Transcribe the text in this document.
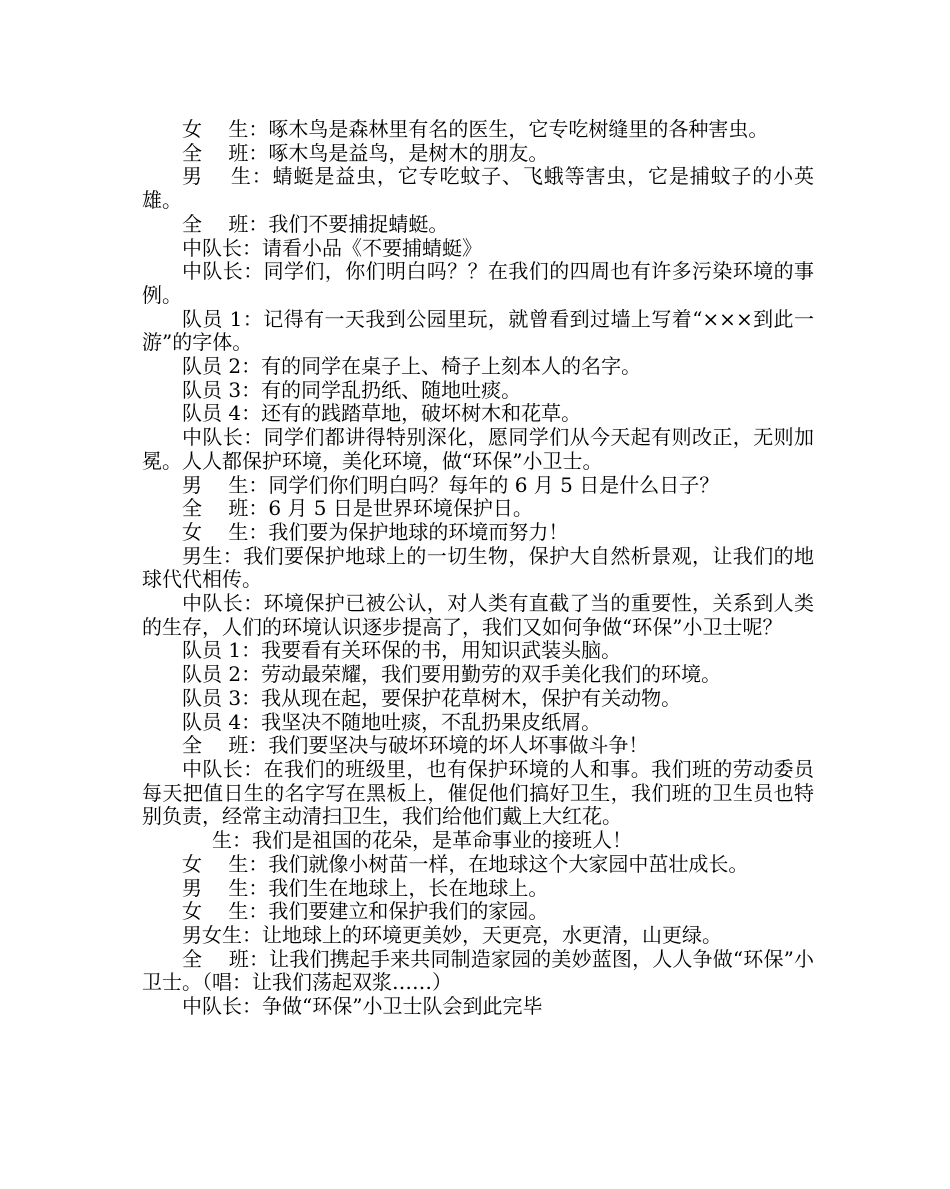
女　 生：啄木鸟是森林里有名的医生，它专吃树缝里的各种害虫。

全　 班：啄木鸟是益鸟，是树木的朋友。

男　 生：蜻蜓是益虫，它专吃蚊子、飞蛾等害虫，它是捕蚊子的小英雄。

全　 班：我们不要捕捉蜻蜓。

中队长：请看小品《不要捕蜻蜓》

中队长：同学们，你们明白吗？？在我们的四周也有许多污染环境的事例。

队员 1：记得有一天我到公园里玩，就曾看到过墙上写着“×××到此一游”的字体。

队员 2：有的同学在桌子上、椅子上刻本人的名字。

队员 3：有的同学乱扔纸、随地吐痰。

队员 4：还有的践踏草地，破坏树木和花草。

中队长：同学们都讲得特别深化，愿同学们从今天起有则改正，无则加冕。人人都保护环境，美化环境，做“环保”小卫士。

男　 生：同学们你们明白吗？每年的 6 月 5 日是什么日子？

全　 班：6 月 5 日是世界环境保护日。

女　 生：我们要为保护地球的环境而努力！

男生：我们要保护地球上的一切生物，保护大自然析景观，让我们的地球代代相传。

中队长：环境保护已被公认，对人类有直截了当的重要性，关系到人类的生存，人们的环境认识逐步提高了，我们又如何争做“环保”小卫士呢？

队员 1：我要看有关环保的书，用知识武装头脑。

队员 2：劳动最荣耀，我们要用勤劳的双手美化我们的环境。

队员 3：我从现在起，要保护花草树木，保护有关动物。

队员 4：我坚决不随地吐痰，不乱扔果皮纸屑。

全　 班：我们要坚决与破坏环境的坏人坏事做斗争！

中队长：在我们的班级里，也有保护环境的人和事。我们班的劳动委员每天把值日生的名字写在黑板上，催促他们搞好卫生，我们班的卫生员也特别负责，经常主动清扫卫生，我们给他们戴上大红花。

生：我们是祖国的花朵，是革命事业的接班人！

女　 生：我们就像小树苗一样，在地球这个大家园中茁壮成长。

男　 生：我们生在地球上，长在地球上。

女　 生：我们要建立和保护我们的家园。

男女生：让地球上的环境更美妙，天更亮，水更清，山更绿。

全　 班：让我们携起手来共同制造家园的美妙蓝图，人人争做“环保”小卫士。（唱：让我们荡起双浆……）

中队长：争做“环保”小卫士队会到此完毕
